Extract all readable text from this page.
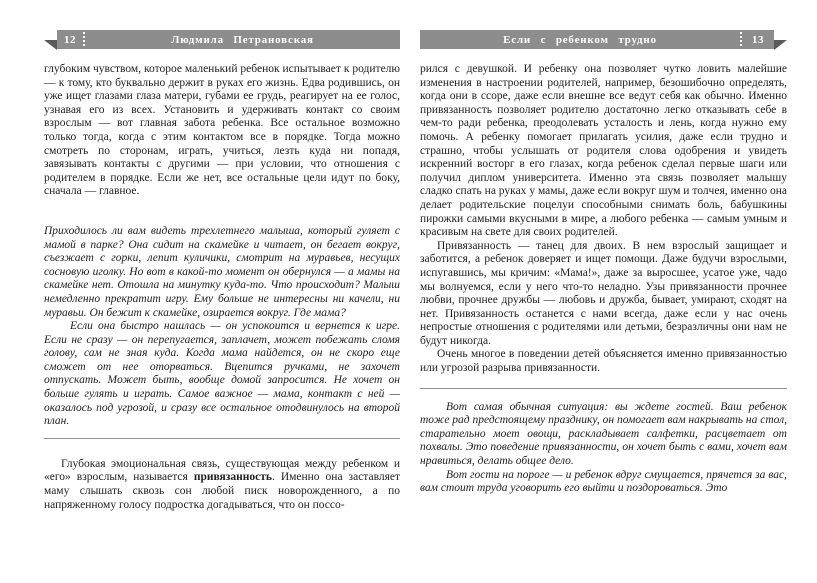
12	Людмила Петрановская

глубоким чувством, которое маленький ребенок испытывает к родителю — к тому, кто буквально держит в руках его жизнь. Едва родившись, он уже ищет глазами глаза матери, губами ее грудь, реагирует на ее голос, узнавая его из всех. Установить и удерживать контакт со своим взрослым — вот главная забота ребенка. Все остальное возможно только тогда, когда с этим контактом все в порядке. Тогда можно смотреть по сторонам, играть, учиться, лезть куда ни попадя, завязывать контакты с другими — при условии, что отношения с родителем в порядке. Если же нет, все остальные цели идут по боку, сначала — главное.

Приходилось ли вам видеть трехлетнего малыша, который гуляет с мамой в парке? Она сидит на скамейке и читает, он бегает вокруг, съезжает с горки, лепит куличики, смотрит на муравьев, несущих сосновую иголку. Но вот в какой-то момент он обернулся — а мамы на скамейке нет. Отошла на минутку куда-то. Что происходит? Малыш немедленно прекратит игру. Ему больше не интересны ни качели, ни муравьи. Он бежит к скамейке, озирается вокруг. Где мама?

Если она быстро нашлась — он успокоится и вернется к игре. Если не сразу — он перепугается, заплачет, может побежать сломя голову, сам не зная куда. Когда мама найдется, он не скоро еще сможет от нее оторваться. Вцепится ручками, не захочет отпускать. Может быть, вообще домой запросится. Не хочет он больше гулять и играть. Самое важное — мама, контакт с ней — оказалось под угрозой, и сразу все остальное отодвинулось на второй план.

Глубокая эмоциональная связь, существующая между ребенком и «его» взрослым, называется привязанность. Именно она заставляет маму слышать сквозь сон любой писк новорожденного, а по напряженному голосу подростка догадываться, что он поссо-

Если с ребенком трудно	13

рился с девушкой. И ребенку она позволяет чутко ловить малейшие изменения в настроении родителей, например, безошибочно определять, когда они в ссоре, даже если внешне все ведут себя как обычно. Именно привязанность позволяет родителю достаточно легко отказывать себе в чем-то ради ребенка, преодолевать усталость и лень, когда нужно ему помочь. А ребенку помогает прилагать усилия, даже если трудно и страшно, чтобы услышать от родителя слова одобрения и увидеть искренний восторг в его глазах, когда ребенок сделал первые шаги или получил диплом университета. Именно эта связь позволяет малышу сладко спать на руках у мамы, даже если вокруг шум и толчея, именно она делает родительские поцелуи способными снимать боль, бабушкины пирожки самыми вкусными в мире, а любого ребенка — самым умным и красивым на свете для своих родителей.

Привязанность — танец для двоих. В нем взрослый защищает и заботится, а ребенок доверяет и ищет помощи. Даже будучи взрослыми, испугавшись, мы кричим: «Мама!», даже за выросшее, усатое уже, чадо мы волнуемся, если у него что-то неладно. Узы привязанности прочнее любви, прочнее дружбы — любовь и дружба, бывает, умирают, сходят на нет. Привязанность останется с нами всегда, даже если у нас очень непростые отношения с родителями или детьми, безразличны они нам не будут никогда.

Очень многое в поведении детей объясняется именно привязанностью или угрозой разрыва привязанности.

Вот самая обычная ситуация: вы ждете гостей. Ваш ребенок тоже рад предстоящему празднику, он помогает вам накрывать на стол, старательно моет овощи, раскладывает салфетки, расцветает от похвалы. Это поведение привязанности, он хочет быть с вами, хочет вам нравиться, делать общее дело.

Вот гости на пороге — и ребенок вдруг смущается, прячется за вас, вам стоит труда уговорить его выйти и поздороваться. Это
